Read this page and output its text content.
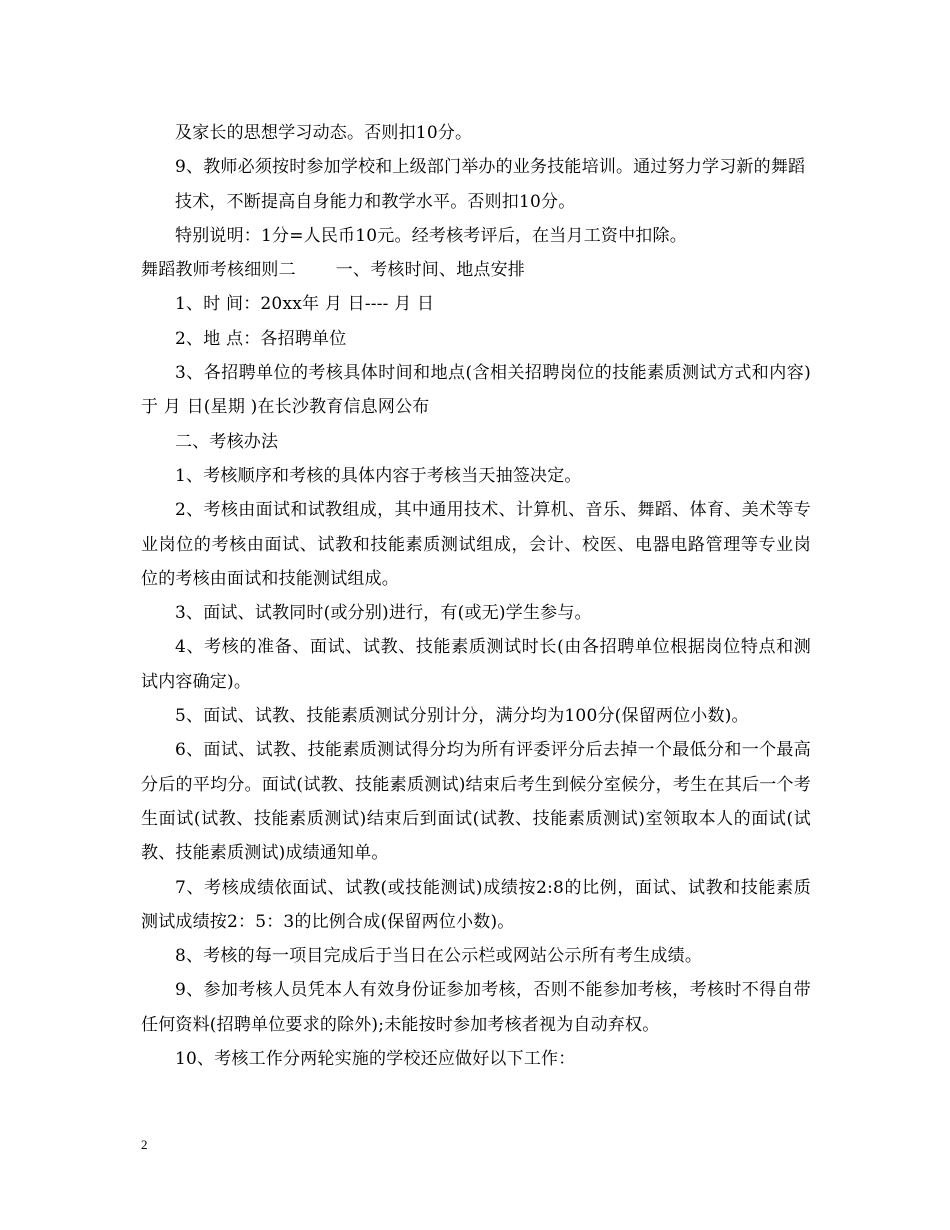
及家长的思想学习动态。否则扣10分。

9、教师必须按时参加学校和上级部门举办的业务技能培训。通过努力学习新的舞蹈

技术，不断提高自身能力和教学水平。否则扣10分。

特别说明：1分=人民币10元。经考核考评后，在当月工资中扣除。

舞蹈教师考核细则二　　 一、考核时间、地点安排

1、时 间：20xx年 月 日---- 月 日

2、地 点：各招聘单位

3、各招聘单位的考核具体时间和地点(含相关招聘岗位的技能素质测试方式和内容)于 月 日(星期 )在长沙教育信息网公布

二、考核办法

1、考核顺序和考核的具体内容于考核当天抽签决定。

2、考核由面试和试教组成，其中通用技术、计算机、音乐、舞蹈、体育、美术等专业岗位的考核由面试、试教和技能素质测试组成，会计、校医、电器电路管理等专业岗位的考核由面试和技能测试组成。

3、面试、试教同时(或分别)进行，有(或无)学生参与。

4、考核的准备、面试、试教、技能素质测试时长(由各招聘单位根据岗位特点和测试内容确定)。

5、面试、试教、技能素质测试分别计分，满分均为100分(保留两位小数)。

6、面试、试教、技能素质测试得分均为所有评委评分后去掉一个最低分和一个最高分后的平均分。面试(试教、技能素质测试)结束后考生到候分室候分，考生在其后一个考生面试(试教、技能素质测试)结束后到面试(试教、技能素质测试)室领取本人的面试(试教、技能素质测试)成绩通知单。

7、考核成绩依面试、试教(或技能测试)成绩按2:8的比例，面试、试教和技能素质测试成绩按2：5：3的比例合成(保留两位小数)。

8、考核的每一项目完成后于当日在公示栏或网站公示所有考生成绩。

9、参加考核人员凭本人有效身份证参加考核，否则不能参加考核，考核时不得自带任何资料(招聘单位要求的除外);未能按时参加考核者视为自动弃权。

10、考核工作分两轮实施的学校还应做好以下工作：

2
